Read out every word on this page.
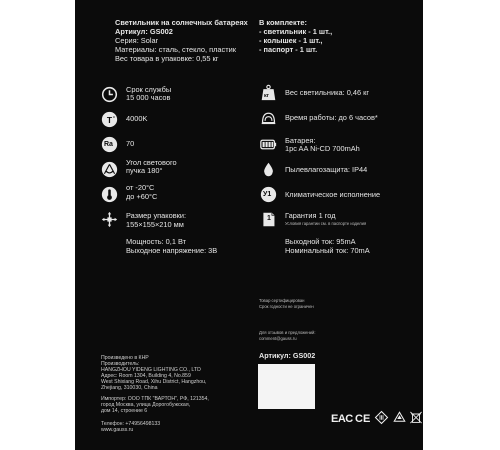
Светильник на солнечных батареях
Артикул: GS002
Серия: Solar
Материалы: сталь, стекло, пластик
Вес товара в упаковке: 0,55 кг
В комплекте:
- светильник - 1 шт.,
- колышек - 1 шт.,
- паспорт - 1 шт.
Срок службы
15 000 часов
T o 4000K
Ra 70
Угол светового
пучка 180°
от -20°C
до +60°C
Размер упаковки:
155×155×210 мм
Мощность: 0,1 Вт
Выходное напряжение: 3В
кг Вес светильника: 0,46 кг
Время работы: до 6 часов*
Батарея:
1pc AA Ni-CD 700mAh
Пылевлагозащита: IP44
У1 Климатическое исполнение
1 Гарантия 1 год
Условия гарантии см. в паспорте изделия
Выходной ток: 95mA
Номинальный ток: 70mA
Товар сертифицирован
Срок годности не ограничен
Для отзывов и предложений:
comment@gauss.ru
Артикул: GS002
Произведено в КНР
Производитель:
HANGZHOU YIDENG LIGHTING CO., LTD
Адрес: Room 1304, Building 4, No.859
West Shixiang Road, Xihu District, Hangzhou,
Zhejiang, 310030, China
Импортер: ООО ТПК "ВАРТОН", РФ, 121354,
город Москва, улица Дорогобужская,
дом 14, строение 6
Телефон: +74956498133
www.gauss.ru
EAC CE
